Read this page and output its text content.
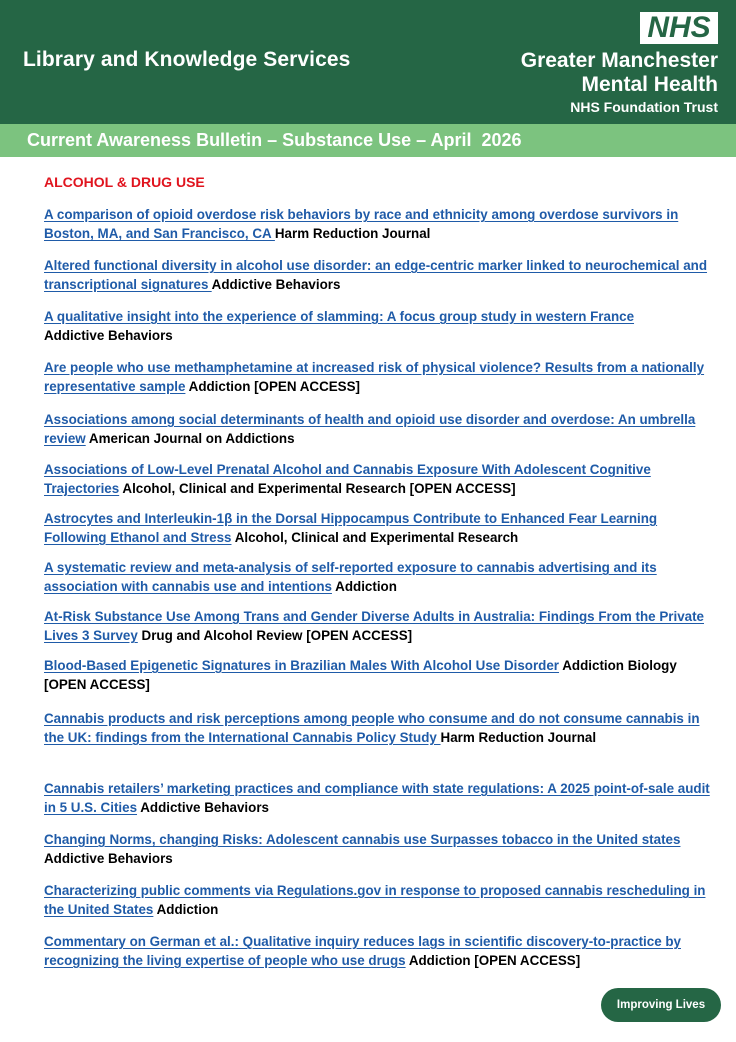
Library and Knowledge Services
NHS
Greater Manchester
Mental Health
NHS Foundation Trust
Current Awareness Bulletin – Substance Use – April  2026
ALCOHOL & DRUG USE
A comparison of opioid overdose risk behaviors by race and ethnicity among overdose survivors in Boston, MA, and San Francisco, CA Harm Reduction Journal
Altered functional diversity in alcohol use disorder: an edge-centric marker linked to neurochemical and transcriptional signatures Addictive Behaviors
A qualitative insight into the experience of slamming: A focus group study in western France
Addictive Behaviors
Are people who use methamphetamine at increased risk of physical violence? Results from a nationally representative sample Addiction [OPEN ACCESS]
Associations among social determinants of health and opioid use disorder and overdose: An umbrella review American Journal on Addictions
Associations of Low-Level Prenatal Alcohol and Cannabis Exposure With Adolescent Cognitive Trajectories Alcohol, Clinical and Experimental Research [OPEN ACCESS]
Astrocytes and Interleukin-1β in the Dorsal Hippocampus Contribute to Enhanced Fear Learning Following Ethanol and Stress Alcohol, Clinical and Experimental Research
A systematic review and meta-analysis of self-reported exposure to cannabis advertising and its association with cannabis use and intentions Addiction
At-Risk Substance Use Among Trans and Gender Diverse Adults in Australia: Findings From the Private Lives 3 Survey Drug and Alcohol Review [OPEN ACCESS]
Blood-Based Epigenetic Signatures in Brazilian Males With Alcohol Use Disorder Addiction Biology [OPEN ACCESS]
Cannabis products and risk perceptions among people who consume and do not consume cannabis in the UK: findings from the International Cannabis Policy Study Harm Reduction Journal
Cannabis retailers’ marketing practices and compliance with state regulations: A 2025 point-of-sale audit in 5 U.S. Cities Addictive Behaviors
Changing Norms, changing Risks: Adolescent cannabis use Surpasses tobacco in the United states Addictive Behaviors
Characterizing public comments via Regulations.gov in response to proposed cannabis rescheduling in the United States Addiction
Commentary on German et al.: Qualitative inquiry reduces lags in scientific discovery-to-practice by recognizing the living expertise of people who use drugs Addiction [OPEN ACCESS]
Improving Lives
